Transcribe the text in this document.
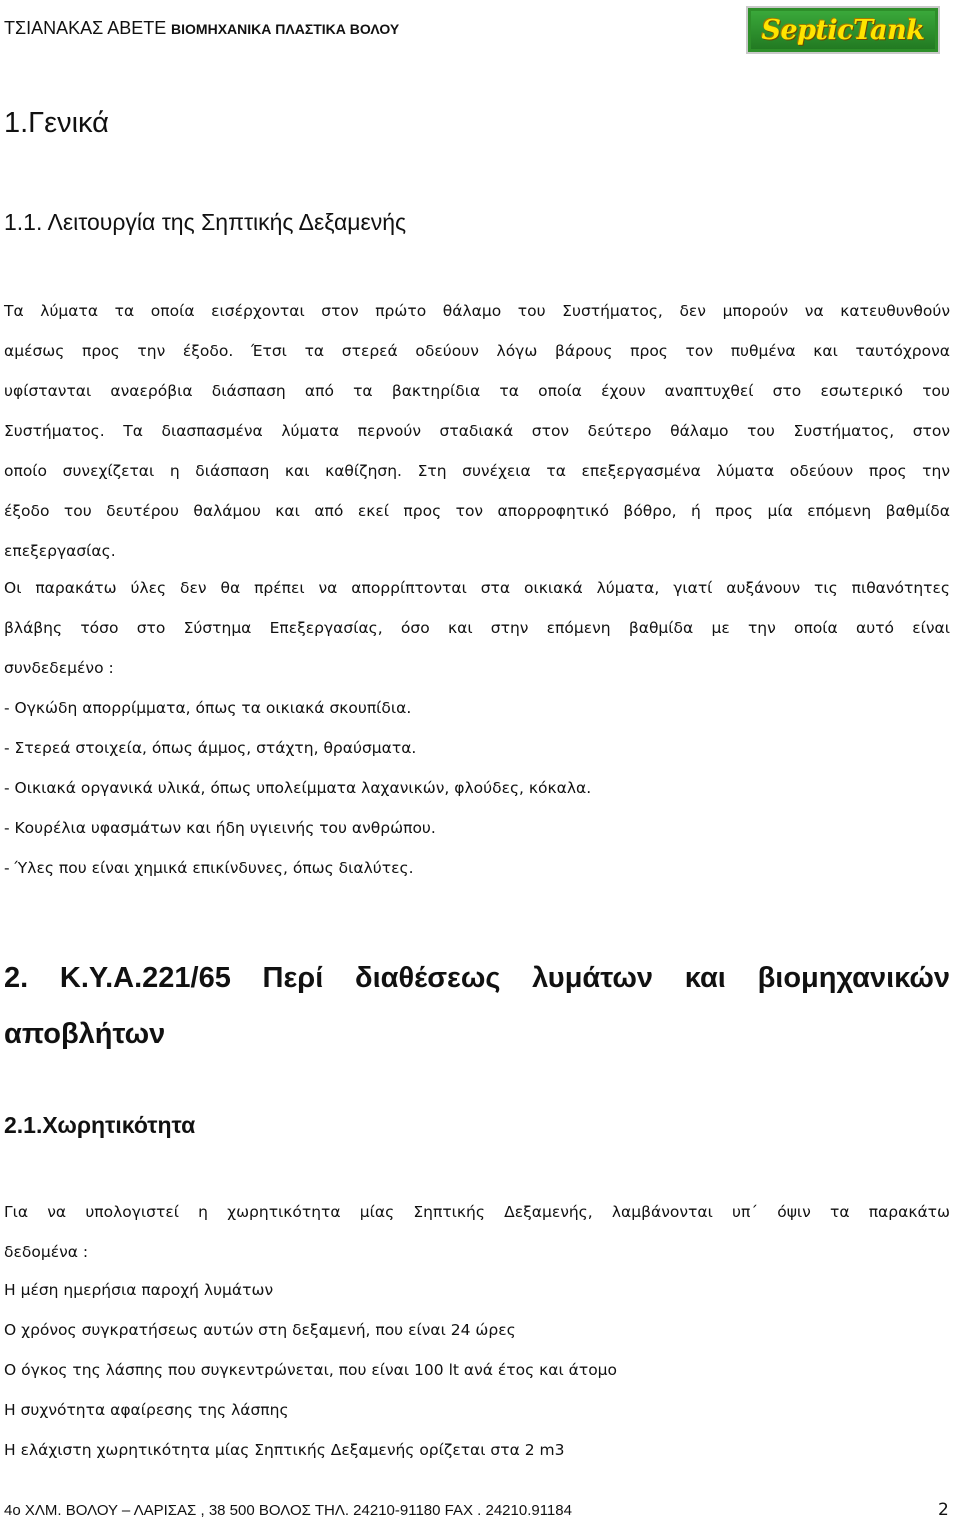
ΤΣΙΑΝΑΚΑΣ ΑΒΕΤΕ ΒΙΟΜΗΧΑΝΙΚΑ ΠΛΑΣΤΙΚΑ ΒΟΛΟΥ	SepticTank
1.Γενικά
1.1. Λειτουργία της Σηπτικής Δεξαμενής
Τα λύματα τα οποία εισέρχονται στον πρώτο θάλαμο του Συστήματος, δεν μπορούν να κατευθυνθούν
αμέσως προς την έξοδο. Έτσι τα στερεά οδεύουν λόγω βάρους προς τον πυθμένα και ταυτόχρονα
υφίστανται αναερόβια διάσπαση από τα βακτηρίδια τα οποία έχουν αναπτυχθεί στο εσωτερικό του
Συστήματος. Τα διασπασμένα λύματα περνούν σταδιακά στον δεύτερο θάλαμο του Συστήματος, στον
οποίο συνεχίζεται η διάσπαση και καθίζηση. Στη συνέχεια τα επεξεργασμένα λύματα οδεύουν προς την
έξοδο του δευτέρου θαλάμου και από εκεί προς τον απορροφητικό βόθρο, ή προς μία επόμενη βαθμίδα
επεξεργασίας.
Οι παρακάτω ύλες δεν θα πρέπει να απορρίπτονται στα οικιακά λύματα, γιατί αυξάνουν τις πιθανότητες
βλάβης τόσο στο Σύστημα Επεξεργασίας, όσο και στην επόμενη βαθμίδα με την οποία αυτό είναι
συνδεδεμένο :
- Ογκώδη απορρίμματα, όπως τα οικιακά σκουπίδια.
- Στερεά στοιχεία, όπως άμμος, στάχτη, θραύσματα.
- Οικιακά οργανικά υλικά, όπως υπολείμματα λαχανικών, φλούδες, κόκαλα.
- Κουρέλια υφασμάτων και ήδη υγιεινής του ανθρώπου.
- Ύλες που είναι χημικά επικίνδυνες, όπως διαλύτες.
2. Κ.Υ.Α.221/65 Περί διαθέσεως λυμάτων και βιομηχανικών
αποβλήτων
2.1.Χωρητικότητα
Για να υπολογιστεί η χωρητικότητα μίας Σηπτικής Δεξαμενής, λαμβάνονται υπ΄ όψιν τα παρακάτω
δεδομένα :
Η μέση ημερήσια παροχή λυμάτων
Ο χρόνος συγκρατήσεως αυτών στη δεξαμενή, που είναι 24 ώρες
Ο όγκος της λάσπης που συγκεντρώνεται, που είναι 100 lt ανά έτος και άτομο
Η συχνότητα αφαίρεσης της λάσπης
Η ελάχιστη χωρητικότητα μίας Σηπτικής Δεξαμενής ορίζεται στα 2 m3
4ο ΧΛΜ. ΒΟΛΟΥ – ΛΑΡΙΣΑΣ , 38 500 ΒΟΛΟΣ ΤΗΛ. 24210-91180 FAX . 24210.91184	2
